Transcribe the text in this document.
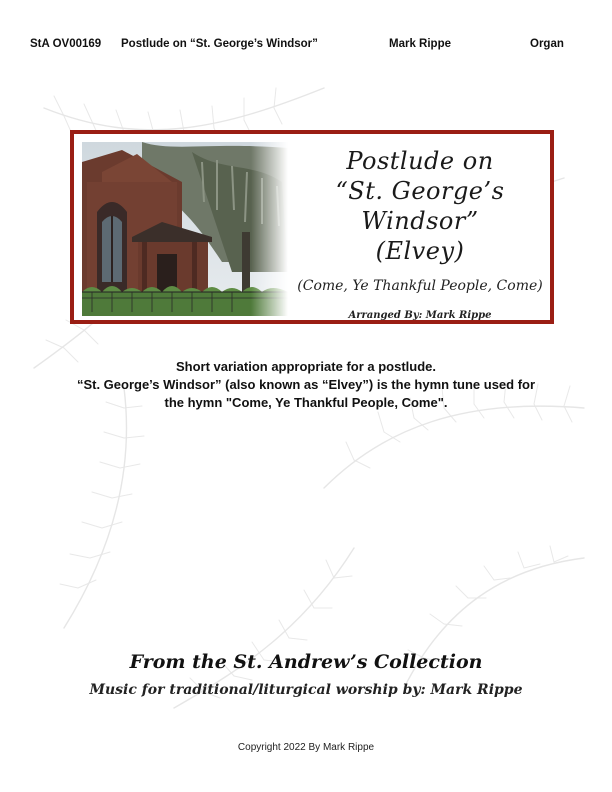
StA OV00169 Postlude on “St. George’s Windsor”	Mark Rippe	Organ
Postlude on
“St. George’s Windsor”
(Elvey)
(Come, Ye Thankful People, Come)
Arranged By: Mark Rippe
Short variation appropriate for a postlude.
“St. George’s Windsor” (also known as “Elvey”) is the hymn tune used for
the hymn "Come, Ye Thankful People, Come".
From the St. Andrew’s Collection
Music for traditional/liturgical worship by: Mark Rippe
Copyright 2022 By Mark Rippe
